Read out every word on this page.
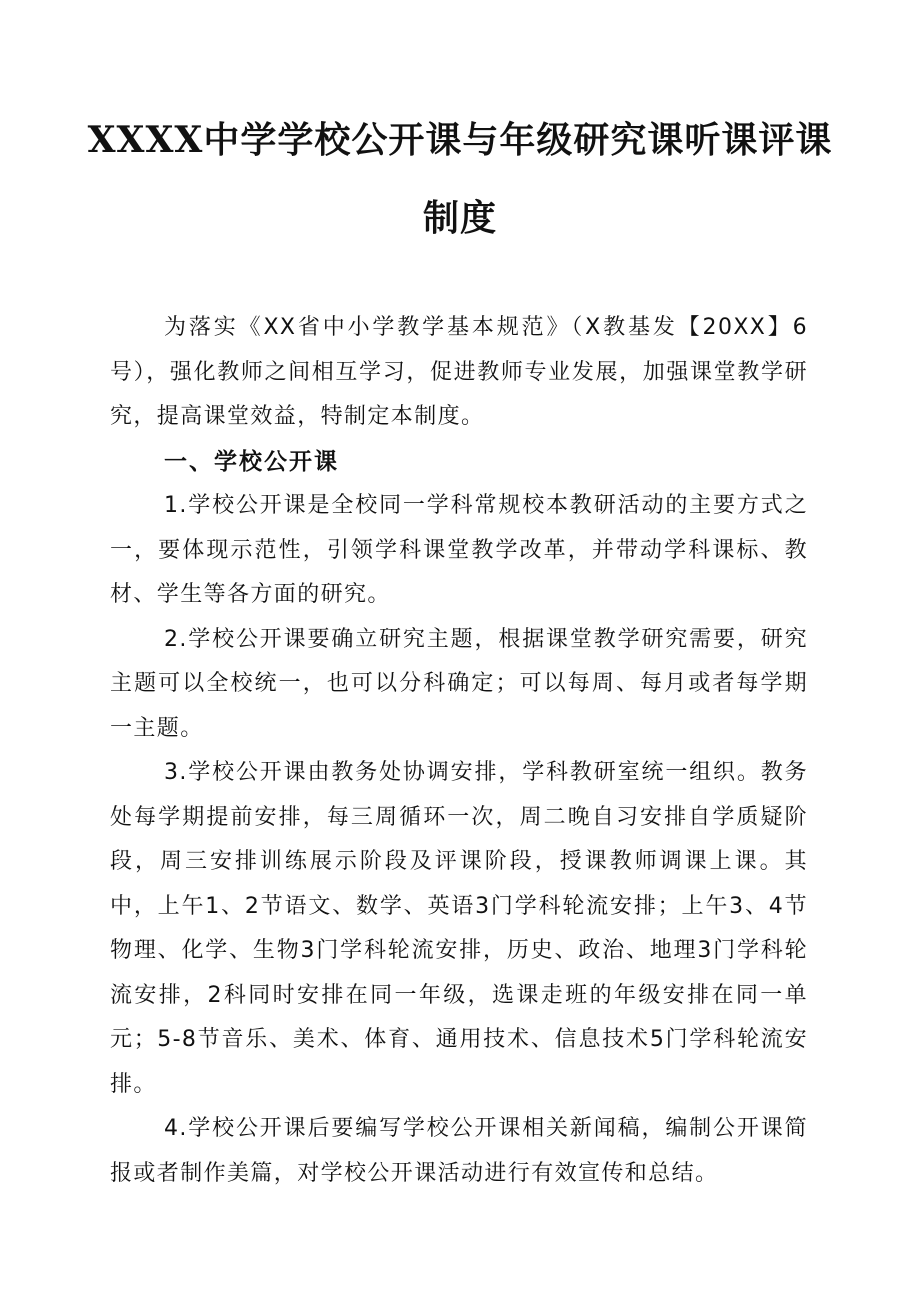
XXXX中学学校公开课与年级研究课听课评课
制度

为落实《XX省中小学教学基本规范》（X教基发【20XX】6号），强化教师之间相互学习，促进教师专业发展，加强课堂教学研究，提高课堂效益，特制定本制度。

一、学校公开课

1.学校公开课是全校同一学科常规校本教研活动的主要方式之一，要体现示范性，引领学科课堂教学改革，并带动学科课标、教材、学生等各方面的研究。

2.学校公开课要确立研究主题，根据课堂教学研究需要，研究主题可以全校统一，也可以分科确定；可以每周、每月或者每学期一主题。

3.学校公开课由教务处协调安排，学科教研室统一组织。教务处每学期提前安排，每三周循环一次，周二晚自习安排自学质疑阶段，周三安排训练展示阶段及评课阶段，授课教师调课上课。其中，上午1、2节语文、数学、英语3门学科轮流安排；上午3、4节物理、化学、生物3门学科轮流安排，历史、政治、地理3门学科轮流安排，2科同时安排在同一年级，选课走班的年级安排在同一单元；5-8节音乐、美术、体育、通用技术、信息技术5门学科轮流安排。

4.学校公开课后要编写学校公开课相关新闻稿，编制公开课简报或者制作美篇，对学校公开课活动进行有效宣传和总结。
